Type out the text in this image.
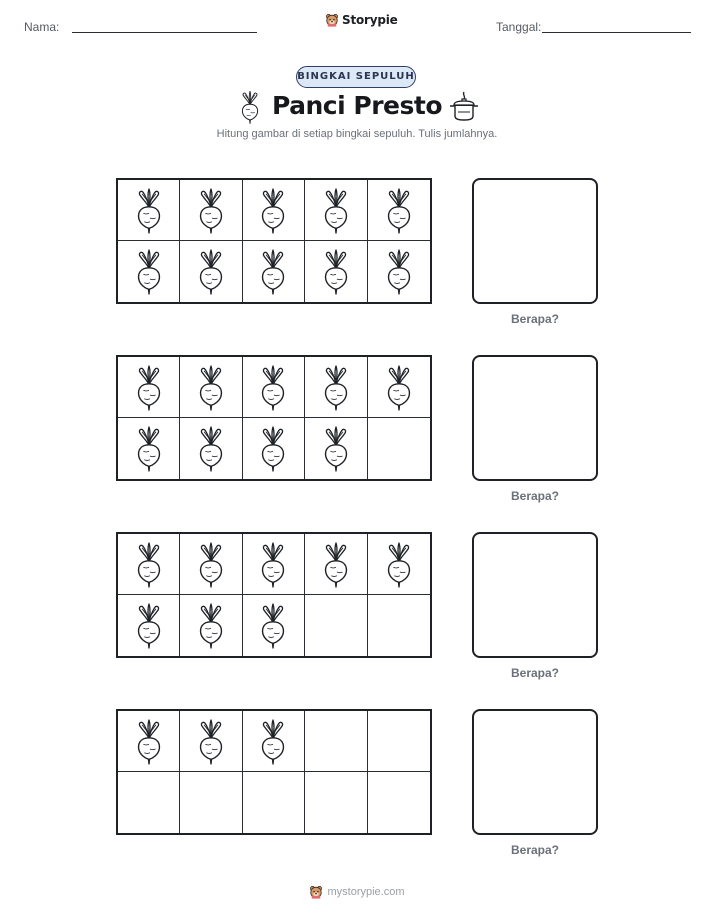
Nama:	Storypie	Tanggal:
BINGKAI SEPULUH
Panci Presto
Hitung gambar di setiap bingkai sepuluh. Tulis jumlahnya.
Berapa?
Berapa?
Berapa?
Berapa?
mystorypie.com
